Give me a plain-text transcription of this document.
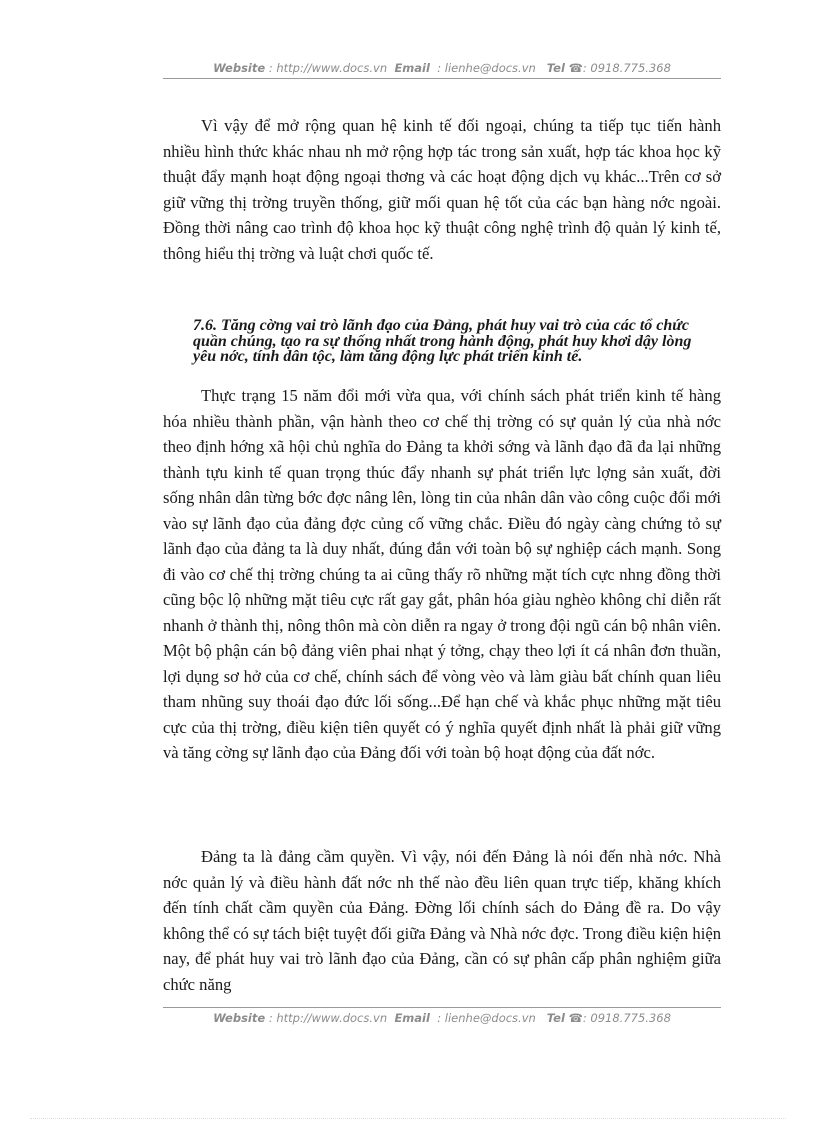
Website : http://www.docs.vn Email  : lienhe@docs.vn Tel ☎: 0918.775.368

Vì vậy để mở rộng quan hệ kinh tế đối ngoại, chúng ta tiếp tục tiến hành nhiều hình thức khác nhau nh mở rộng hợp tác trong sản xuất, hợp tác khoa học kỹ thuật đẩy mạnh hoạt động ngoại thơng và các hoạt động dịch vụ khác...Trên cơ sở giữ vững thị trờng truyền thống, giữ mối quan hệ tốt của các bạn hàng nớc ngoài. Đồng thời nâng cao trình độ khoa học kỹ thuật công nghệ trình độ quản lý kinh tế, thông hiểu thị trờng và luật chơi quốc tế.

7.6. Tăng cờng vai trò lãnh đạo của Đảng, phát huy vai trò của các tổ chức quần chúng, tạo ra sự thống nhất trong hành động, phát huy khơi dậy lòng yêu nớc, tính dân tộc, làm tăng động lực phát triển kinh tế.

Thực trạng 15 năm đổi mới vừa qua, với chính sách phát triển kinh tế hàng hóa nhiều thành phần, vận hành theo cơ chế thị trờng có sự quản lý của nhà nớc theo định hớng xã hội chủ nghĩa do Đảng ta khởi sớng và lãnh đạo đã đa lại những thành tựu kinh tế quan trọng thúc đẩy nhanh sự phát triển lực lợng sản xuất, đời sống nhân dân từng bớc đợc nâng lên, lòng tin của nhân dân vào công cuộc đổi mới vào sự lãnh đạo của đảng đợc củng cố vững chắc. Điều đó ngày càng chứng tỏ sự lãnh đạo của đảng ta là duy nhất, đúng đắn với toàn bộ sự nghiệp cách mạnh. Song đi vào cơ chế thị trờng chúng ta ai cũng thấy rõ những mặt tích cực nhng đồng thời cũng bộc lộ những mặt tiêu cực rất gay gắt, phân hóa giàu nghèo không chỉ diễn rất nhanh ở thành thị, nông thôn mà còn diễn ra ngay ở trong đội ngũ cán bộ nhân viên. Một bộ phận cán bộ đảng viên phai nhạt ý tởng, chạy theo lợi ít cá nhân đơn thuần, lợi dụng sơ hở của cơ chế, chính sách để vòng vèo và làm giàu bất chính quan liêu tham nhũng suy thoái đạo đức lối sống...Để hạn chế và khắc phục những mặt tiêu cực của thị trờng, điều kiện tiên quyết có ý nghĩa quyết định nhất là phải giữ vững và tăng cờng sự lãnh đạo của Đảng đối với toàn bộ hoạt động của đất nớc.

Đảng ta là đảng cầm quyền. Vì vậy, nói đến Đảng là nói đến nhà nớc. Nhà nớc quản lý và điều hành đất nớc nh thế nào đều liên quan trực tiếp, khăng khích đến tính chất cầm quyền của Đảng. Đờng lối chính sách do Đảng đề ra. Do vậy không thể có sự tách biệt tuyệt đối giữa Đảng và Nhà nớc đợc. Trong điều kiện hiện nay, để phát huy vai trò lãnh đạo của Đảng, cần có sự phân cấp phân nghiệm giữa chức năng

Website : http://www.docs.vn Email  : lienhe@docs.vn Tel ☎: 0918.775.368
